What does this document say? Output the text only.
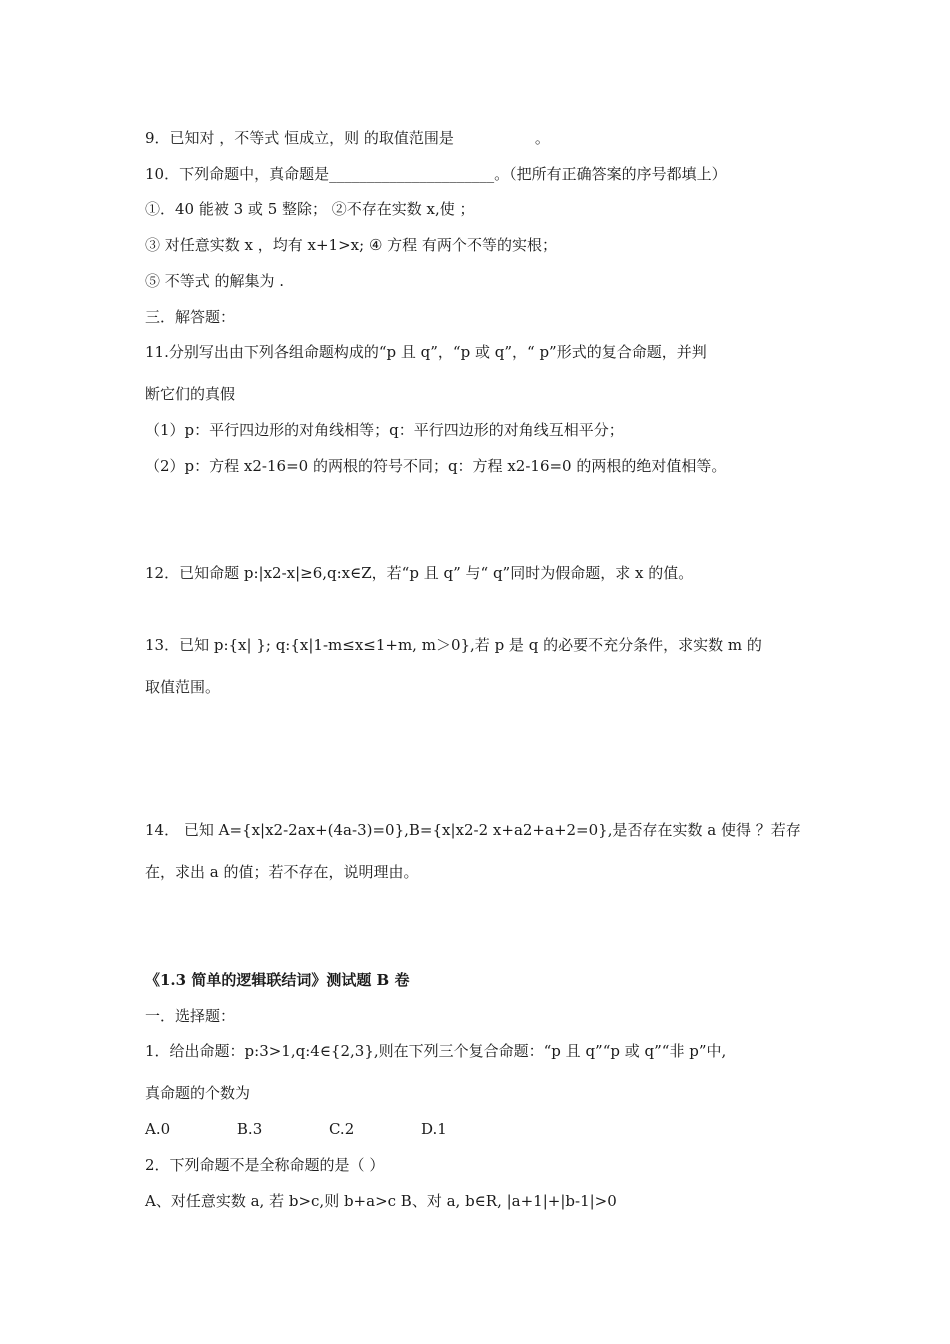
9．已知对 ，不等式 恒成立，则 的取值范围是                 。
10．下列命题中，真命题是______________________。（把所有正确答案的序号都填上）
①．40 能被 3 或 5 整除； ②不存在实数 x,使 ；
③ 对任意实数 x ，均有 x+1>x; ④ 方程 有两个不等的实根；
⑤ 不等式 的解集为 .
三．解答题：
11.分别写出由下列各组命题构成的“p 且 q”，“p 或 q”，“ p”形式的复合命题，并判
断它们的真假
（1）p：平行四边形的对角线相等；q：平行四边形的对角线互相平分；
（2）p：方程 x2-16=0 的两根的符号不同；q：方程 x2-16=0 的两根的绝对值相等。
12．已知命题 p:|x2-x|≥6,q:x∈Z，若“p 且 q” 与“ q”同时为假命题，求 x 的值。
13．已知 p:{x| }; q:{x|1-m≤x≤1+m, m＞0},若 p 是 q 的必要不充分条件，求实数 m 的
取值范围。
14． 已知 A={x|x2-2ax+(4a-3)=0},B={x|x2-2 x+a2+a+2=0},是否存在实数 a 使得 ？若存
在，求出 a 的值；若不存在，说明理由。
《1.3 简单的逻辑联结词》测试题 B 卷
一．选择题：
1．给出命题：p:3>1,q:4∈{2,3},则在下列三个复合命题：“p 且 q”“p 或 q”“非 p”中,
真命题的个数为
A.0              B.3              C.2              D.1
2．下列命题不是全称命题的是（ ）
A、对任意实数 a, 若 b>c,则 b+a>c B、对 a, b∈R, |a+1|+|b-1|>0
